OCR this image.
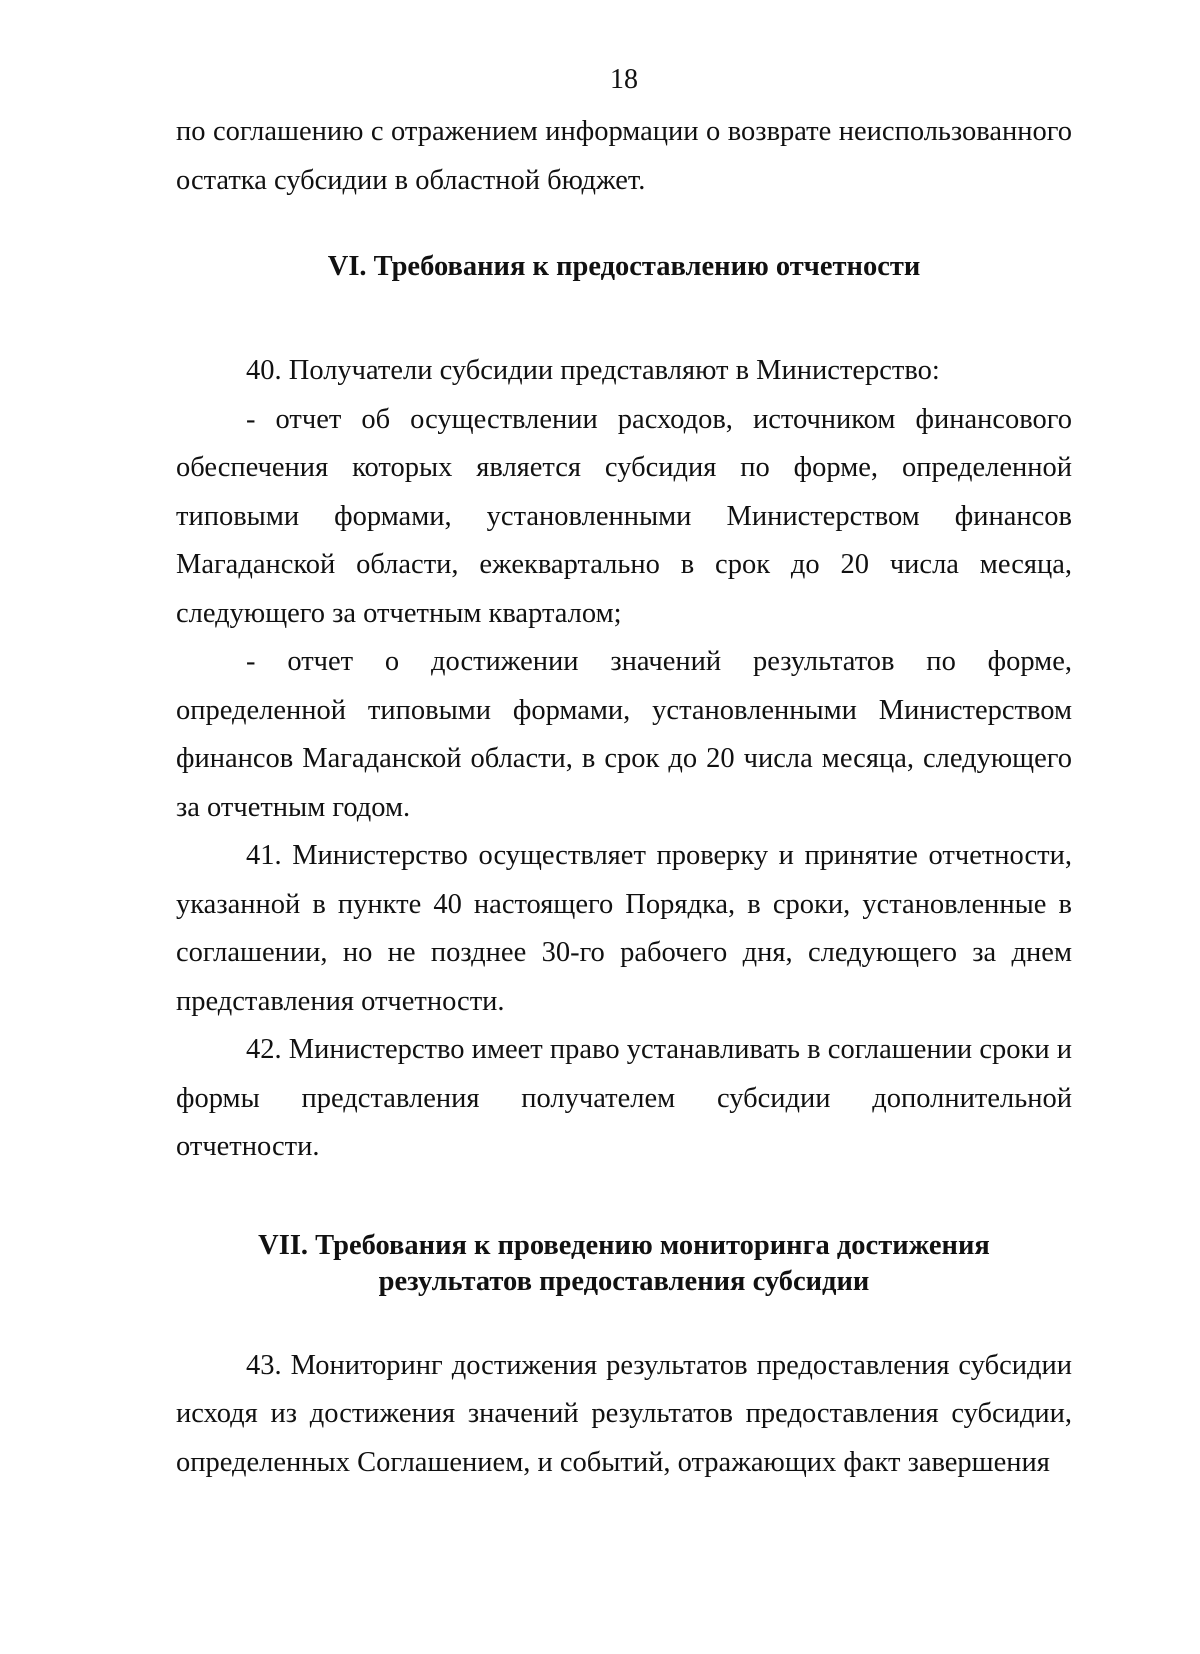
18

по соглашению с отражением информации о возврате неиспользованного остатка субсидии в областной бюджет.

VI. Требования к предоставлению отчетности

40. Получатели субсидии представляют в Министерство:

- отчет об осуществлении расходов, источником финансового обеспечения которых является субсидия по форме, определенной типовыми формами, установленными Министерством финансов Магаданской области, ежеквартально в срок до 20 числа месяца, следующего за отчетным кварталом;

- отчет о достижении значений результатов по форме, определенной типовыми формами, установленными Министерством финансов Магаданской области, в срок до 20 числа месяца, следующего за отчетным годом.

41. Министерство осуществляет проверку и принятие отчетности, указанной в пункте 40 настоящего Порядка, в сроки, установленные в соглашении, но не позднее 30-го рабочего дня, следующего за днем представления отчетности.

42. Министерство имеет право устанавливать в соглашении сроки и формы представления получателем субсидии дополнительной отчетности.

VII. Требования к проведению мониторинга достижения
результатов предоставления субсидии

43. Мониторинг достижения результатов предоставления субсидии исходя из достижения значений результатов предоставления субсидии, определенных Соглашением, и событий, отражающих факт завершения
